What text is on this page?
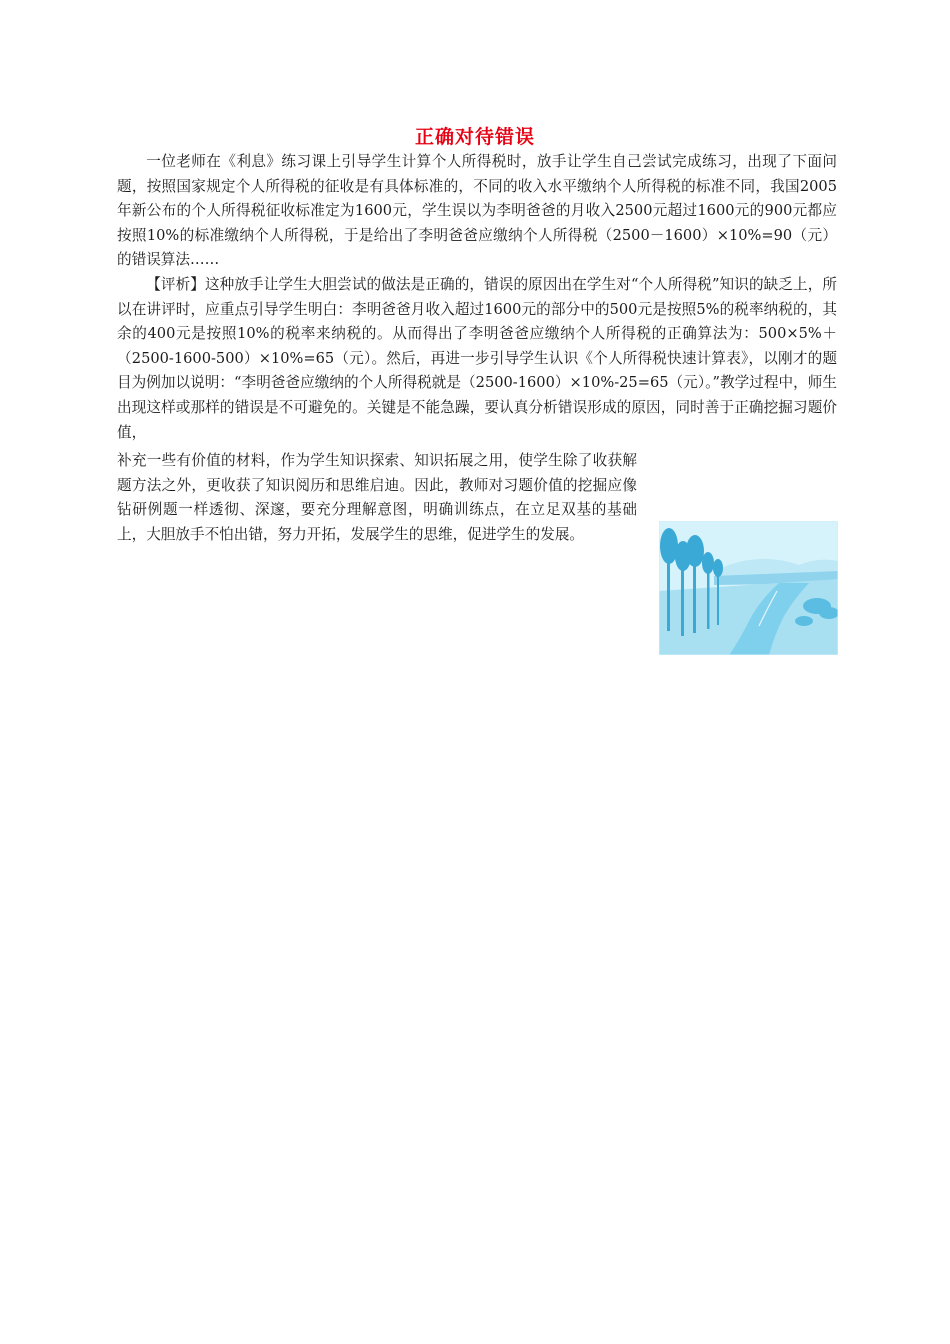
正确对待错误

一位老师在《利息》练习课上引导学生计算个人所得税时，放手让学生自己尝试完成练习，出现了下面问题，按照国家规定个人所得税的征收是有具体标准的，不同的收入水平缴纳个人所得税的标准不同，我国2005年新公布的个人所得税征收标准定为1600元，学生误以为李明爸爸的月收入2500元超过1600元的900元都应按照10%的标准缴纳个人所得税，于是给出了李明爸爸应缴纳个人所得税（2500－1600）×10%=90（元）的错误算法……

【评析】这种放手让学生大胆尝试的做法是正确的，错误的原因出在学生对“个人所得税”知识的缺乏上，所以在讲评时，应重点引导学生明白：李明爸爸月收入超过1600元的部分中的500元是按照5%的税率纳税的，其余的400元是按照10%的税率来纳税的。从而得出了李明爸爸应缴纳个人所得税的正确算法为：500×5%＋（2500-1600-500）×10%=65（元）。然后，再进一步引导学生认识《个人所得税快速计算表》，以刚才的题目为例加以说明：“李明爸爸应缴纳的个人所得税就是（2500-1600）×10%-25=65（元）。”教学过程中，师生出现这样或那样的错误是不可避免的。关键是不能急躁，要认真分析错误形成的原因，同时善于正确挖掘习题价值，

补充一些有价值的材料，作为学生知识探索、知识拓展之用，使学生除了收获解题方法之外，更收获了知识阅历和思维启迪。因此，教师对习题价值的挖掘应像钻研例题一样透彻、深邃，要充分理解意图，明确训练点，在立足双基的基础上，大胆放手不怕出错，努力开拓，发展学生的思维，促进学生的发展。
